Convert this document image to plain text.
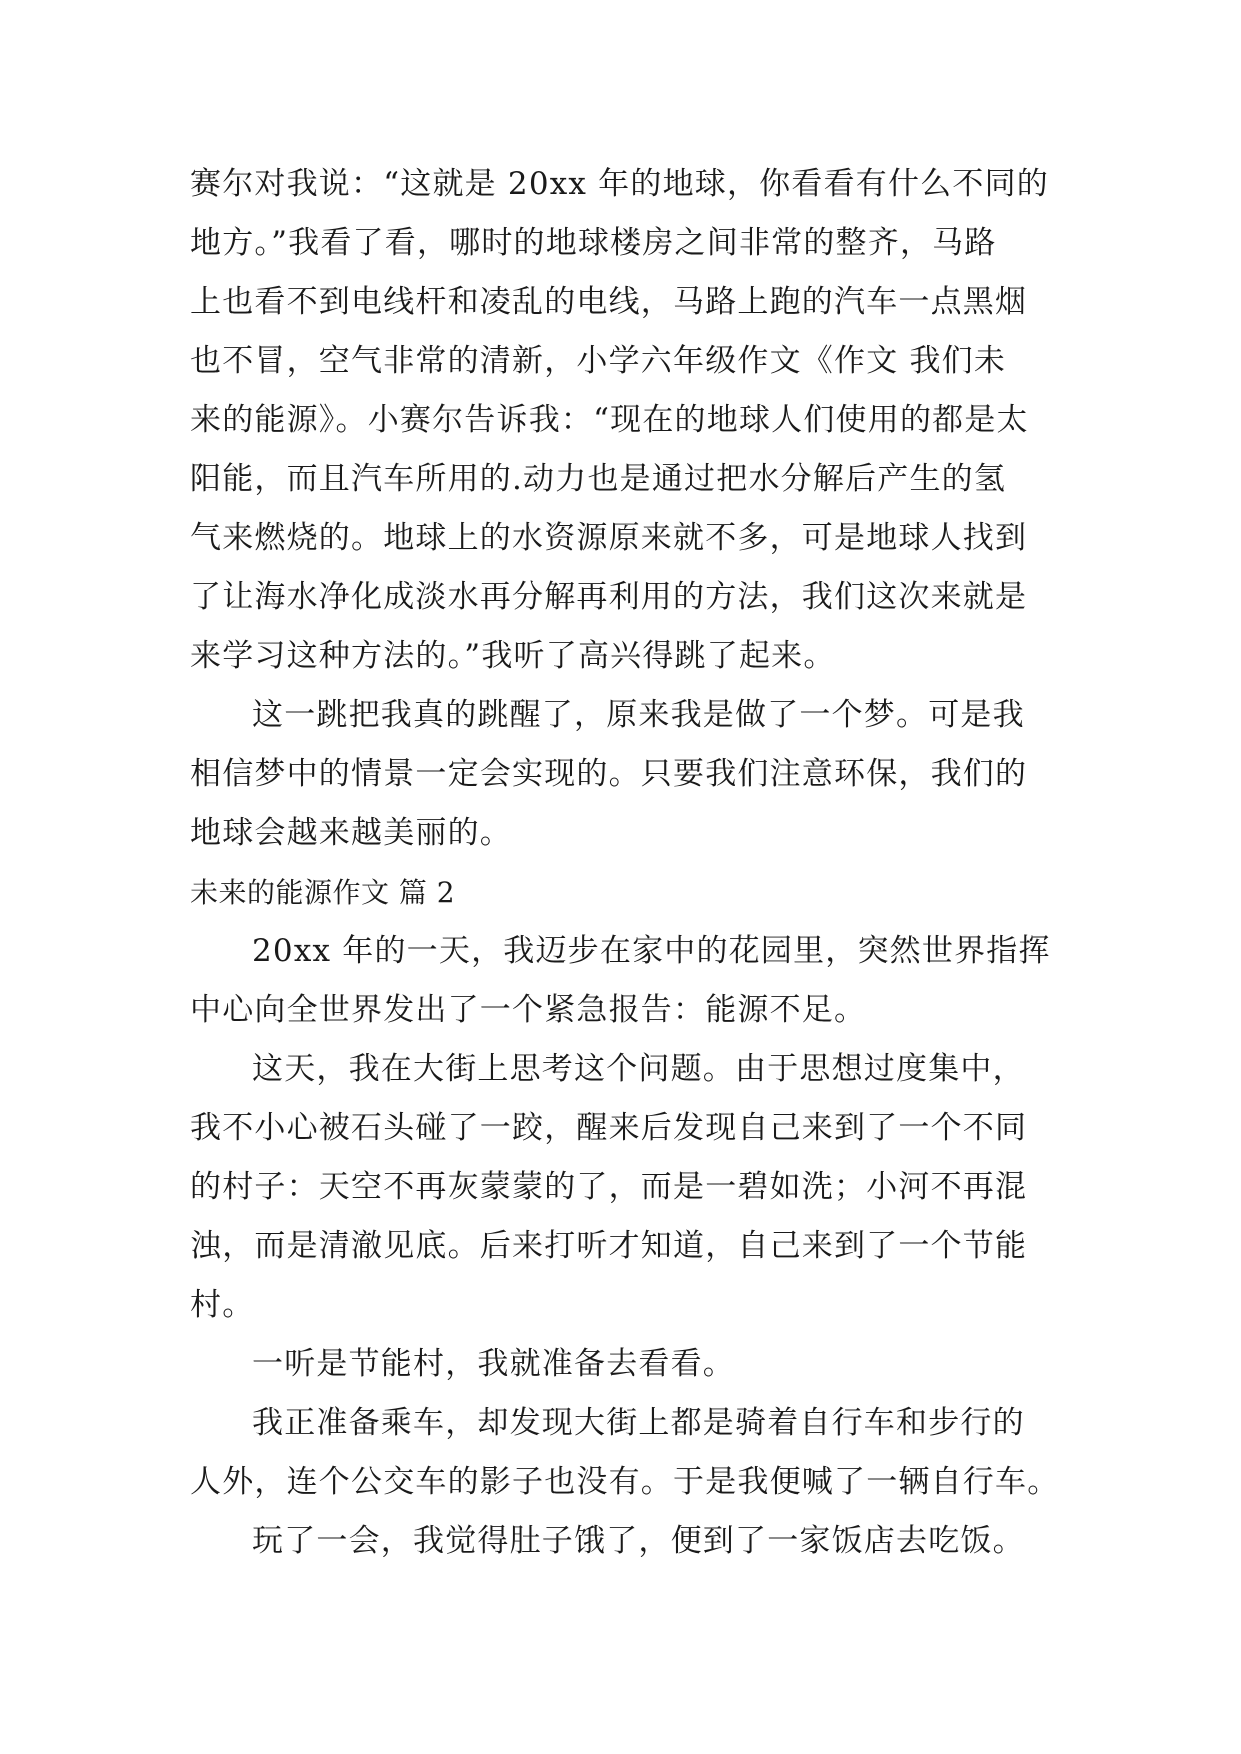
赛尔对我说：“这就是 20xx 年的地球，你看看有什么不同的
地方。”我看了看，哪时的地球楼房之间非常的整齐，马路
上也看不到电线杆和凌乱的电线，马路上跑的汽车一点黑烟
也不冒，空气非常的清新，小学六年级作文《作文 我们未
来的能源》。小赛尔告诉我：“现在的地球人们使用的都是太
阳能，而且汽车所用的.动力也是通过把水分解后产生的氢
气来燃烧的。地球上的水资源原来就不多，可是地球人找到
了让海水净化成淡水再分解再利用的方法，我们这次来就是
来学习这种方法的。”我听了高兴得跳了起来。
这一跳把我真的跳醒了，原来我是做了一个梦。可是我
相信梦中的情景一定会实现的。只要我们注意环保，我们的
地球会越来越美丽的。
未来的能源作文 篇 2
20xx 年的一天，我迈步在家中的花园里，突然世界指挥
中心向全世界发出了一个紧急报告：能源不足。
这天，我在大街上思考这个问题。由于思想过度集中，
我不小心被石头碰了一跤，醒来后发现自己来到了一个不同
的村子：天空不再灰蒙蒙的了，而是一碧如洗；小河不再混
浊，而是清澈见底。后来打听才知道，自己来到了一个节能
村。
一听是节能村，我就准备去看看。
我正准备乘车，却发现大街上都是骑着自行车和步行的
人外，连个公交车的影子也没有。于是我便喊了一辆自行车。
玩了一会，我觉得肚子饿了，便到了一家饭店去吃饭。
